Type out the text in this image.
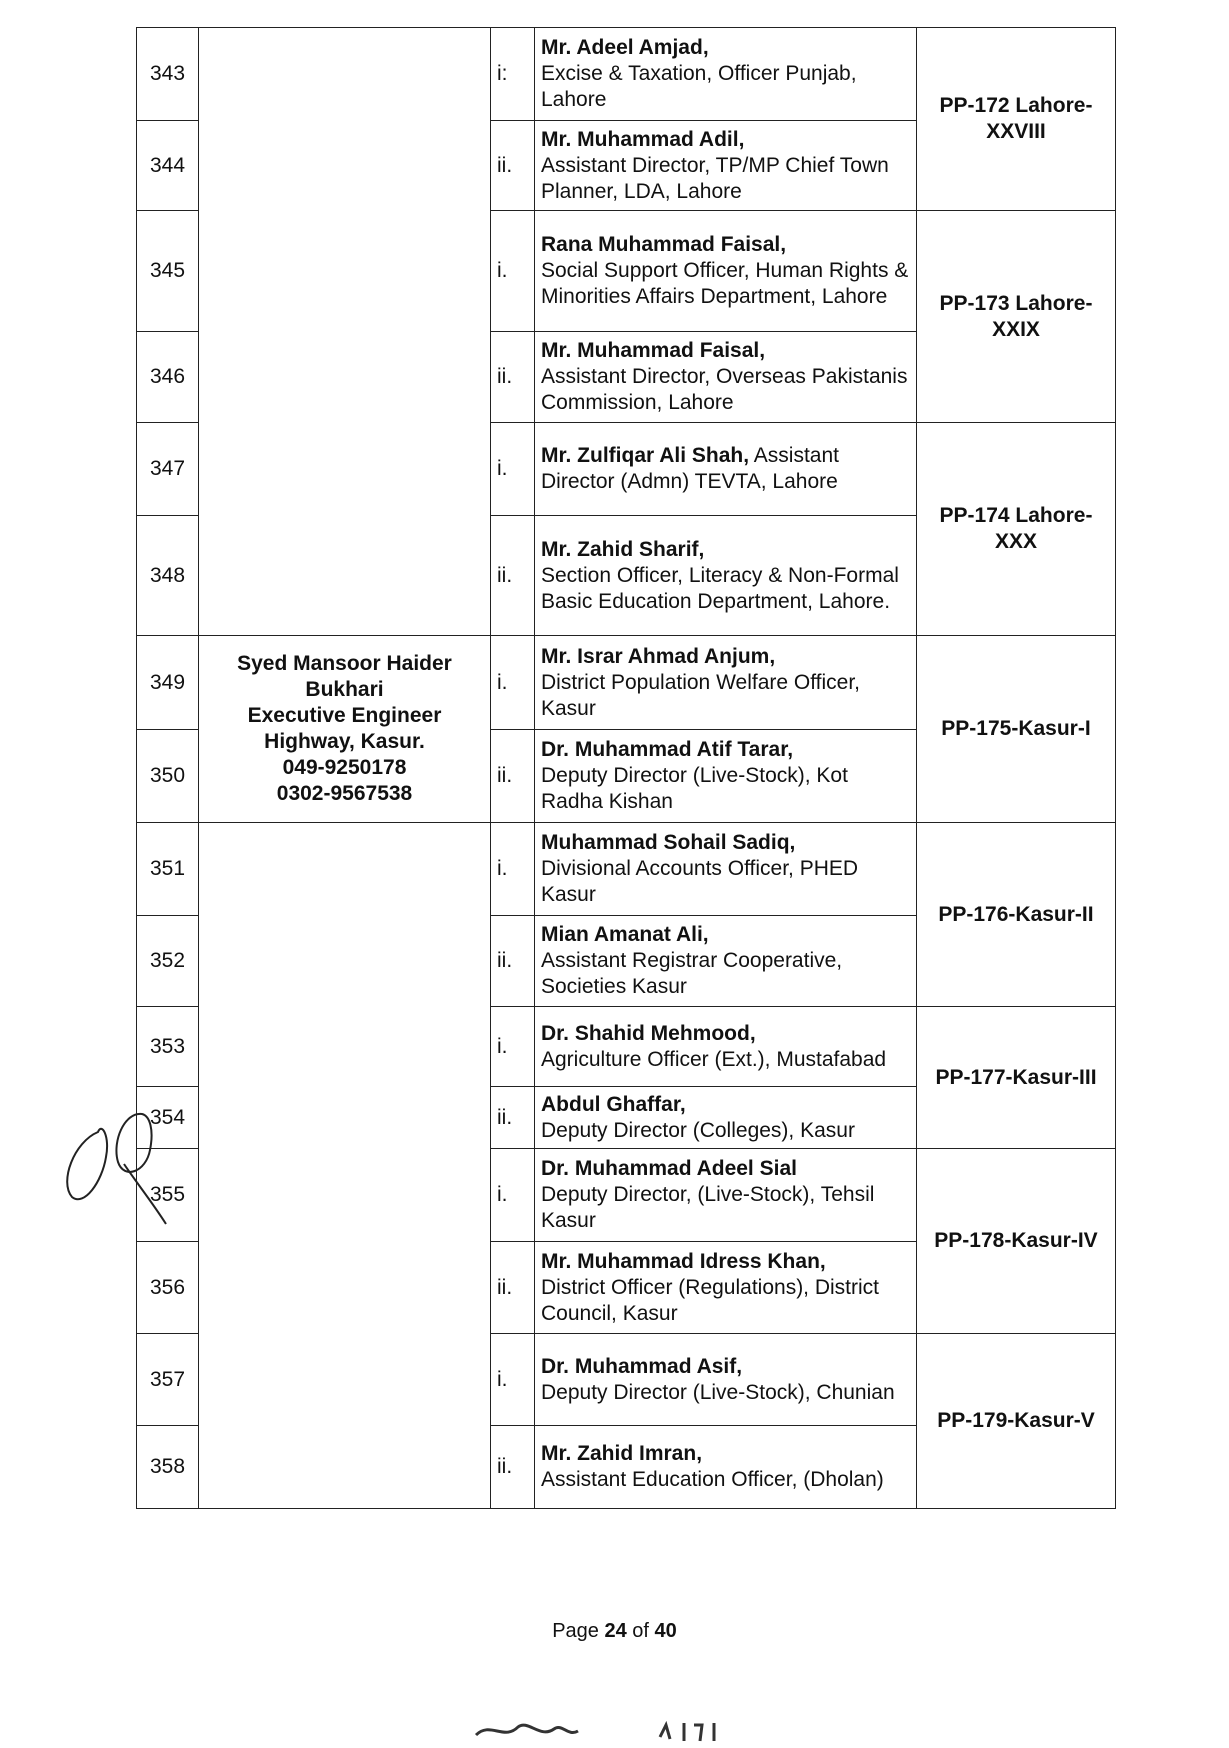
343		i:	Mr. Adeel Amjad,
Excise & Taxation, Officer Punjab, Lahore	PP-172 Lahore-XXVIII
344		ii.	Mr. Muhammad Adil,
Assistant Director, TP/MP Chief Town Planner, LDA, Lahore	

345		i.	Rana Muhammad Faisal,
Social Support Officer, Human Rights & Minorities Affairs Department, Lahore	PP-173 Lahore-XXIX
346		ii.	Mr. Muhammad Faisal,
Assistant Director, Overseas Pakistanis Commission, Lahore	

347		i.	Mr. Zulfiqar Ali Shah, Assistant Director (Admn) TEVTA, Lahore	PP-174 Lahore-XXX
348		ii.	Mr. Zahid Sharif,
Section Officer, Literacy & Non-Formal Basic Education Department, Lahore.	

349	Syed Mansoor Haider Bukhari
Executive Engineer Highway, Kasur.
049-9250178
0302-9567538	i.	Mr. Israr Ahmad Anjum,
District Population Welfare Officer, Kasur	PP-175-Kasur-I
350		ii.	Dr. Muhammad Atif Tarar,
Deputy Director (Live-Stock), Kot Radha Kishan	

351		i.	Muhammad Sohail Sadiq,
Divisional Accounts Officer, PHED Kasur	PP-176-Kasur-II
352		ii.	Mian Amanat Ali,
Assistant Registrar Cooperative, Societies Kasur	

353		i.	Dr. Shahid Mehmood,
Agriculture Officer (Ext.), Mustafabad	PP-177-Kasur-III
354		ii.	Abdul Ghaffar,
Deputy Director (Colleges), Kasur	

355		i.	Dr. Muhammad Adeel Sial
Deputy Director, (Live-Stock), Tehsil Kasur	PP-178-Kasur-IV
356		ii.	Mr. Muhammad Idress Khan,
District Officer (Regulations), District Council, Kasur	

357		i.	Dr. Muhammad Asif,
Deputy Director (Live-Stock), Chunian	PP-179-Kasur-V
358		ii.	Mr. Zahid Imran,
Assistant Education Officer, (Dholan)	
Page 24 of 40
